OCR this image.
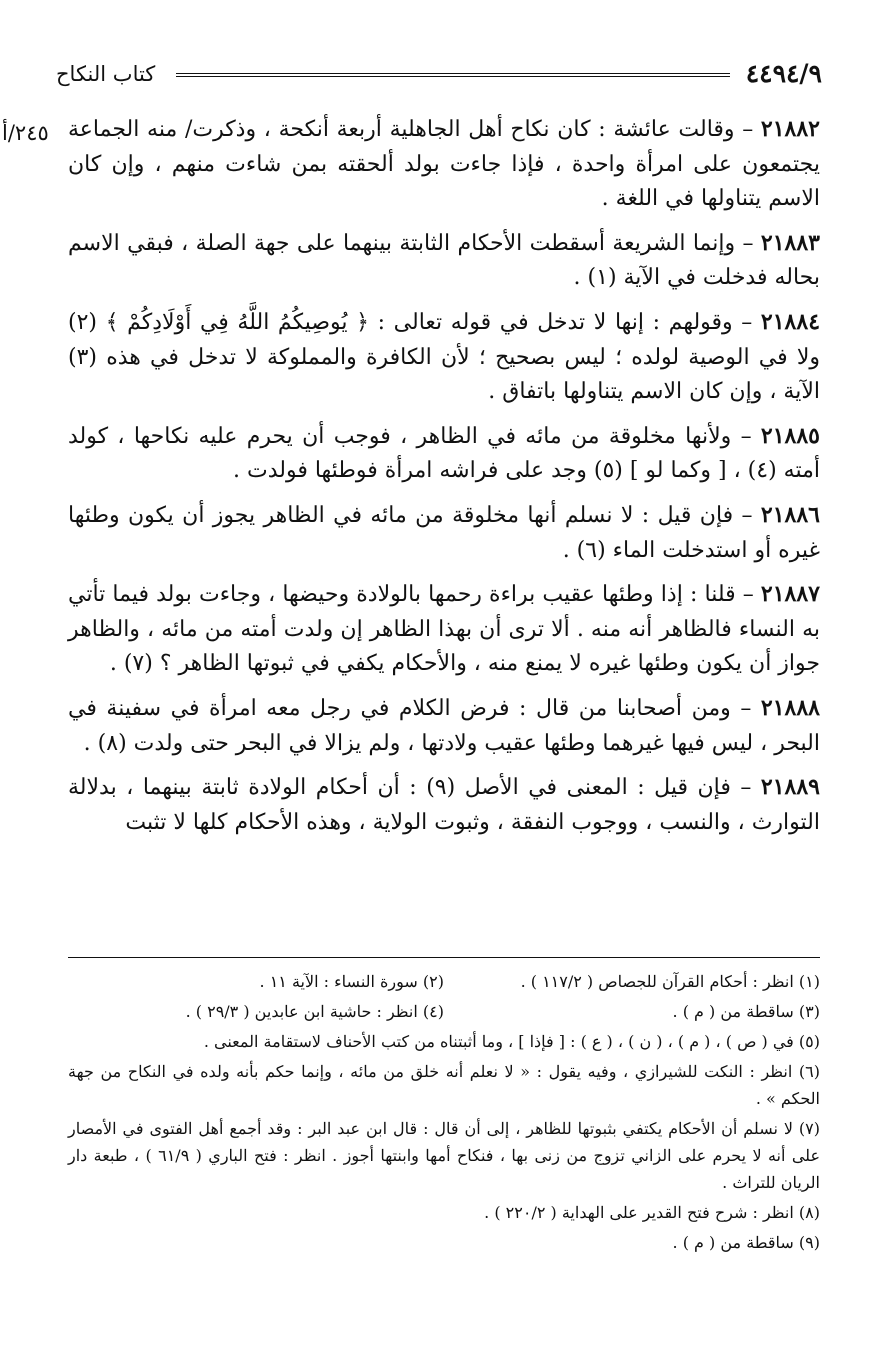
٤٤٩٤/٩
كتاب النكاح
٢٤٥/أ	٢١٨٨٢ – وقالت عائشة : كان نكاح أهل الجاهلية أربعة أنكحة ، وذكرت/ منه الجماعة يجتمعون على امرأة واحدة ، فإذا جاءت بولد ألحقته بمن شاءت منهم ، وإن كان الاسم يتناولها في اللغة .

٢١٨٨٣ – وإنما الشريعة أسقطت الأحكام الثابتة بينهما على جهة الصلة ، فبقي الاسم بحاله فدخلت في الآية (١) .

٢١٨٨٤ – وقولهم : إنها لا تدخل في قوله تعالى : ﴿ يُوصِيكُمُ اللَّهُ فِي أَوْلَادِكُمْ ﴾ (٢) ولا في الوصية لولده ؛ ليس بصحيح ؛ لأن الكافرة والمملوكة لا تدخل في هذه (٣) الآية ، وإن كان الاسم يتناولها باتفاق .

٢١٨٨٥ – ولأنها مخلوقة من مائه في الظاهر ، فوجب أن يحرم عليه نكاحها ، كولد أمته (٤) ، [ وكما لو ] (٥) وجد على فراشه امرأة فوطئها فولدت .

٢١٨٨٦ – فإن قيل : لا نسلم أنها مخلوقة من مائه في الظاهر يجوز أن يكون وطئها غيره أو استدخلت الماء (٦) .

٢١٨٨٧ – قلنا : إذا وطئها عقيب براءة رحمها بالولادة وحيضها ، وجاءت بولد فيما تأتي به النساء فالظاهر أنه منه . ألا ترى أن بهذا الظاهر إن ولدت أمته من مائه ، والظاهر جواز أن يكون وطئها غيره لا يمنع منه ، والأحكام يكفي في ثبوتها الظاهر ؟ (٧) .

٢١٨٨٨ – ومن أصحابنا من قال : فرض الكلام في رجل معه امرأة في سفينة في البحر ، ليس فيها غيرهما وطئها عقيب ولادتها ، ولم يزالا في البحر حتى ولدت (٨) .

٢١٨٨٩ – فإن قيل : المعنى في الأصل (٩) : أن أحكام الولادة ثابتة بينهما ، بدلالة التوارث ، والنسب ، ووجوب النفقة ، وثبوت الولاية ، وهذه الأحكام كلها لا تثبت

(١) انظر : أحكام القرآن للجصاص ( ١١٧/٢ ) .
(٢) سورة النساء : الآية ١١ .
(٣) ساقطة من ( م ) .
(٤) انظر : حاشية ابن عابدين ( ٢٩/٣ ) .
(٥) في ( ص ) ، ( م ) ، ( ن ) ، ( ع ) : [ فإذا ] ، وما أثبتناه من كتب الأحناف لاستقامة المعنى .
(٦) انظر : النكت للشيرازي ، وفيه يقول : « لا نعلم أنه خلق من مائه ، وإنما حكم بأنه ولده في النكاح من جهة الحكم » .
(٧) لا نسلم أن الأحكام يكتفي بثبوتها للظاهر ، إلى أن قال : قال ابن عبد البر : وقد أجمع أهل الفتوى في الأمصار على أنه لا يحرم على الزاني تزوج من زنى بها ، فنكاح أمها وابنتها أجوز . انظر : فتح الباري ( ٦١/٩ ) ، طبعة دار الريان للتراث .
(٨) انظر : شرح فتح القدير على الهداية ( ٢٢٠/٢ ) .
(٩) ساقطة من ( م ) .
